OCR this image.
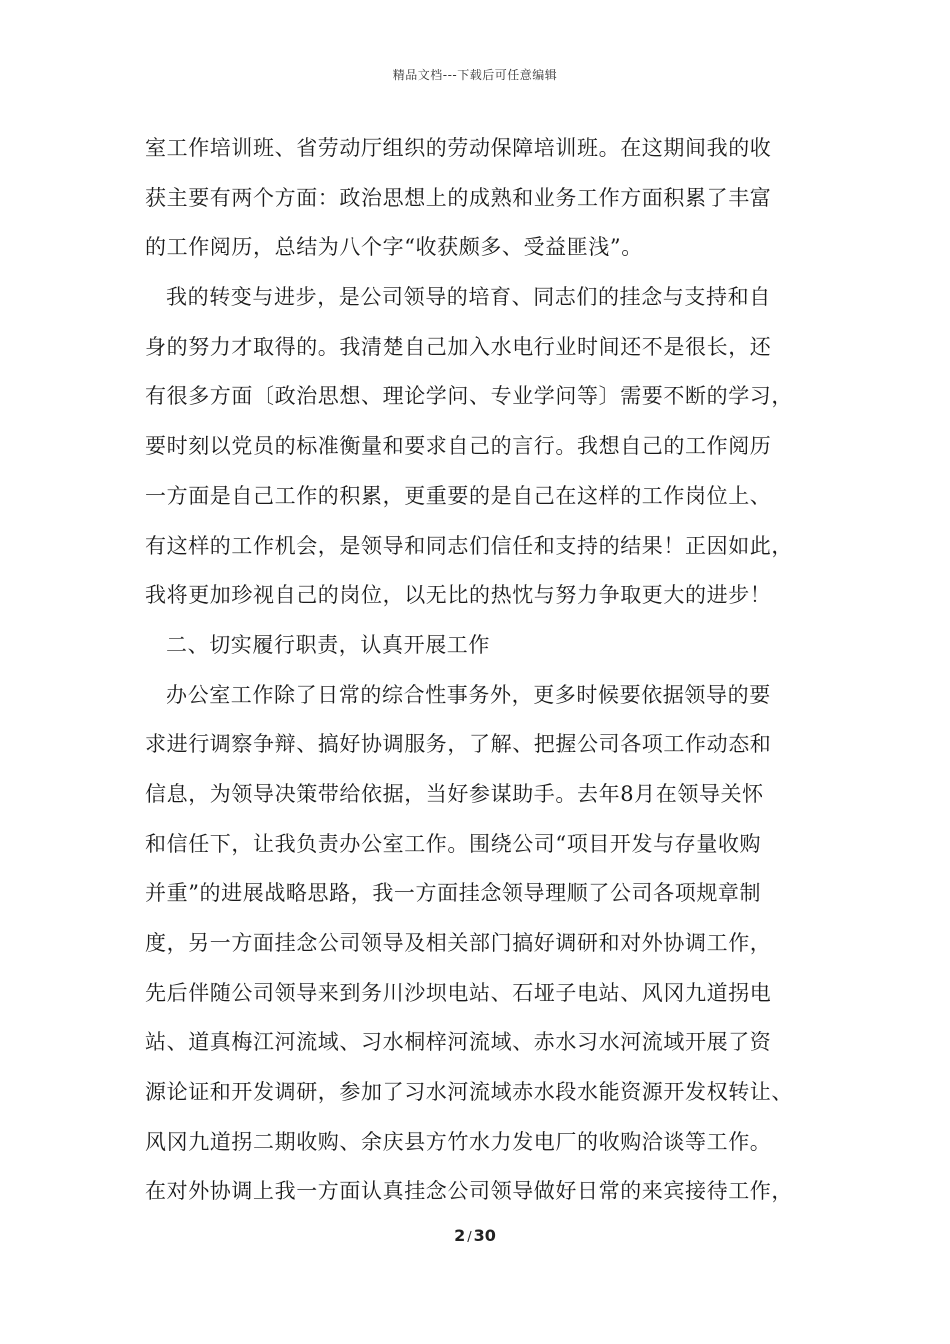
精品文档---下载后可任意编辑
室工作培训班、省劳动厅组织的劳动保障培训班。在这期间我的收
获主要有两个方面：政治思想上的成熟和业务工作方面积累了丰富
的工作阅历，总结为八个字“收获颇多、受益匪浅”。
我的转变与进步，是公司领导的培育、同志们的挂念与支持和自
身的努力才取得的。我清楚自己加入水电行业时间还不是很长，还
有很多方面〔政治思想、理论学问、专业学问等〕需要不断的学习，
要时刻以党员的标准衡量和要求自己的言行。我想自己的工作阅历
一方面是自己工作的积累，更重要的是自己在这样的工作岗位上、
有这样的工作机会，是领导和同志们信任和支持的结果！正因如此，
我将更加珍视自己的岗位，以无比的热忱与努力争取更大的进步！
二、切实履行职责，认真开展工作
办公室工作除了日常的综合性事务外，更多时候要依据领导的要
求进行调察争辩、搞好协调服务，了解、把握公司各项工作动态和
信息，为领导决策带给依据，当好参谋助手。去年8月在领导关怀
和信任下，让我负责办公室工作。围绕公司“项目开发与存量收购
并重”的进展战略思路，我一方面挂念领导理顺了公司各项规章制
度，另一方面挂念公司领导及相关部门搞好调研和对外协调工作，
先后伴随公司领导来到务川沙坝电站、石垭子电站、风冈九道拐电
站、道真梅江河流域、习水桐梓河流域、赤水习水河流域开展了资
源论证和开发调研，参加了习水河流域赤水段水能资源开发权转让、
风冈九道拐二期收购、余庆县方竹水力发电厂的收购洽谈等工作。
在对外协调上我一方面认真挂念公司领导做好日常的来宾接待工作，
2 / 30
